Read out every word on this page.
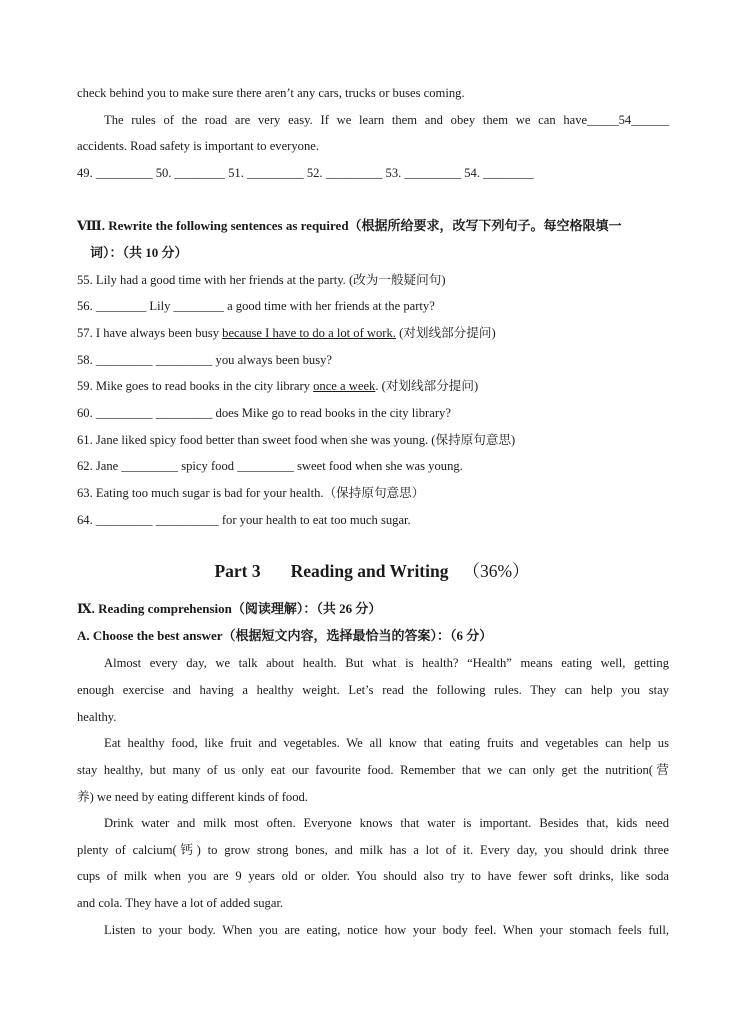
check behind you to make sure there aren’t any cars, trucks or buses coming.
The rules of the road are very easy. If we learn them and obey them we can have_____54______
accidents. Road safety is important to everyone.
49. _________ 50. ________ 51. _________ 52. _________ 53. _________ 54. ________
Ⅷ. Rewrite the following sentences as required（根据所给要求，改写下列句子。每空格限填一
词）：（共 10 分）
55. Lily had a good time with her friends at the party. (改为一般疑问句)
56. ________ Lily ________ a good time with her friends at the party?
57. I have always been busy because I have to do a lot of work. (对划线部分提问)
58. _________ _________ you always been busy?
59. Mike goes to read books in the city library once a week. (对划线部分提问)
60. _________ _________ does Mike go to read books in the city library?
61. Jane liked spicy food better than sweet food when she was young. (保持原句意思)
62. Jane _________ spicy food _________ sweet food when she was young.
63. Eating too much sugar is bad for your health.（保持原句意思）
64. _________ __________ for your health to eat too much sugar.
Part 3 Reading and Writing （36%）
Ⅸ. Reading comprehension（阅读理解）：（共 26 分）
A. Choose the best answer（根据短文内容，选择最恰当的答案）：（6 分）
Almost every day, we talk about health. But what is health? “Health” means eating well, getting
enough exercise and having a healthy weight. Let’s read the following rules. They can help you stay
healthy.
Eat healthy food, like fruit and vegetables. We all know that eating fruits and vegetables can help us
stay healthy, but many of us only eat our favourite food. Remember that we can only get the nutrition(营
养) we need by eating different kinds of food.
Drink water and milk most often. Everyone knows that water is important. Besides that, kids need
plenty of calcium(钙) to grow strong bones, and milk has a lot of it. Every day, you should drink three
cups of milk when you are 9 years old or older. You should also try to have fewer soft drinks, like soda
and cola. They have a lot of added sugar.
Listen to your body. When you are eating, notice how your body feel. When your stomach feels full,
